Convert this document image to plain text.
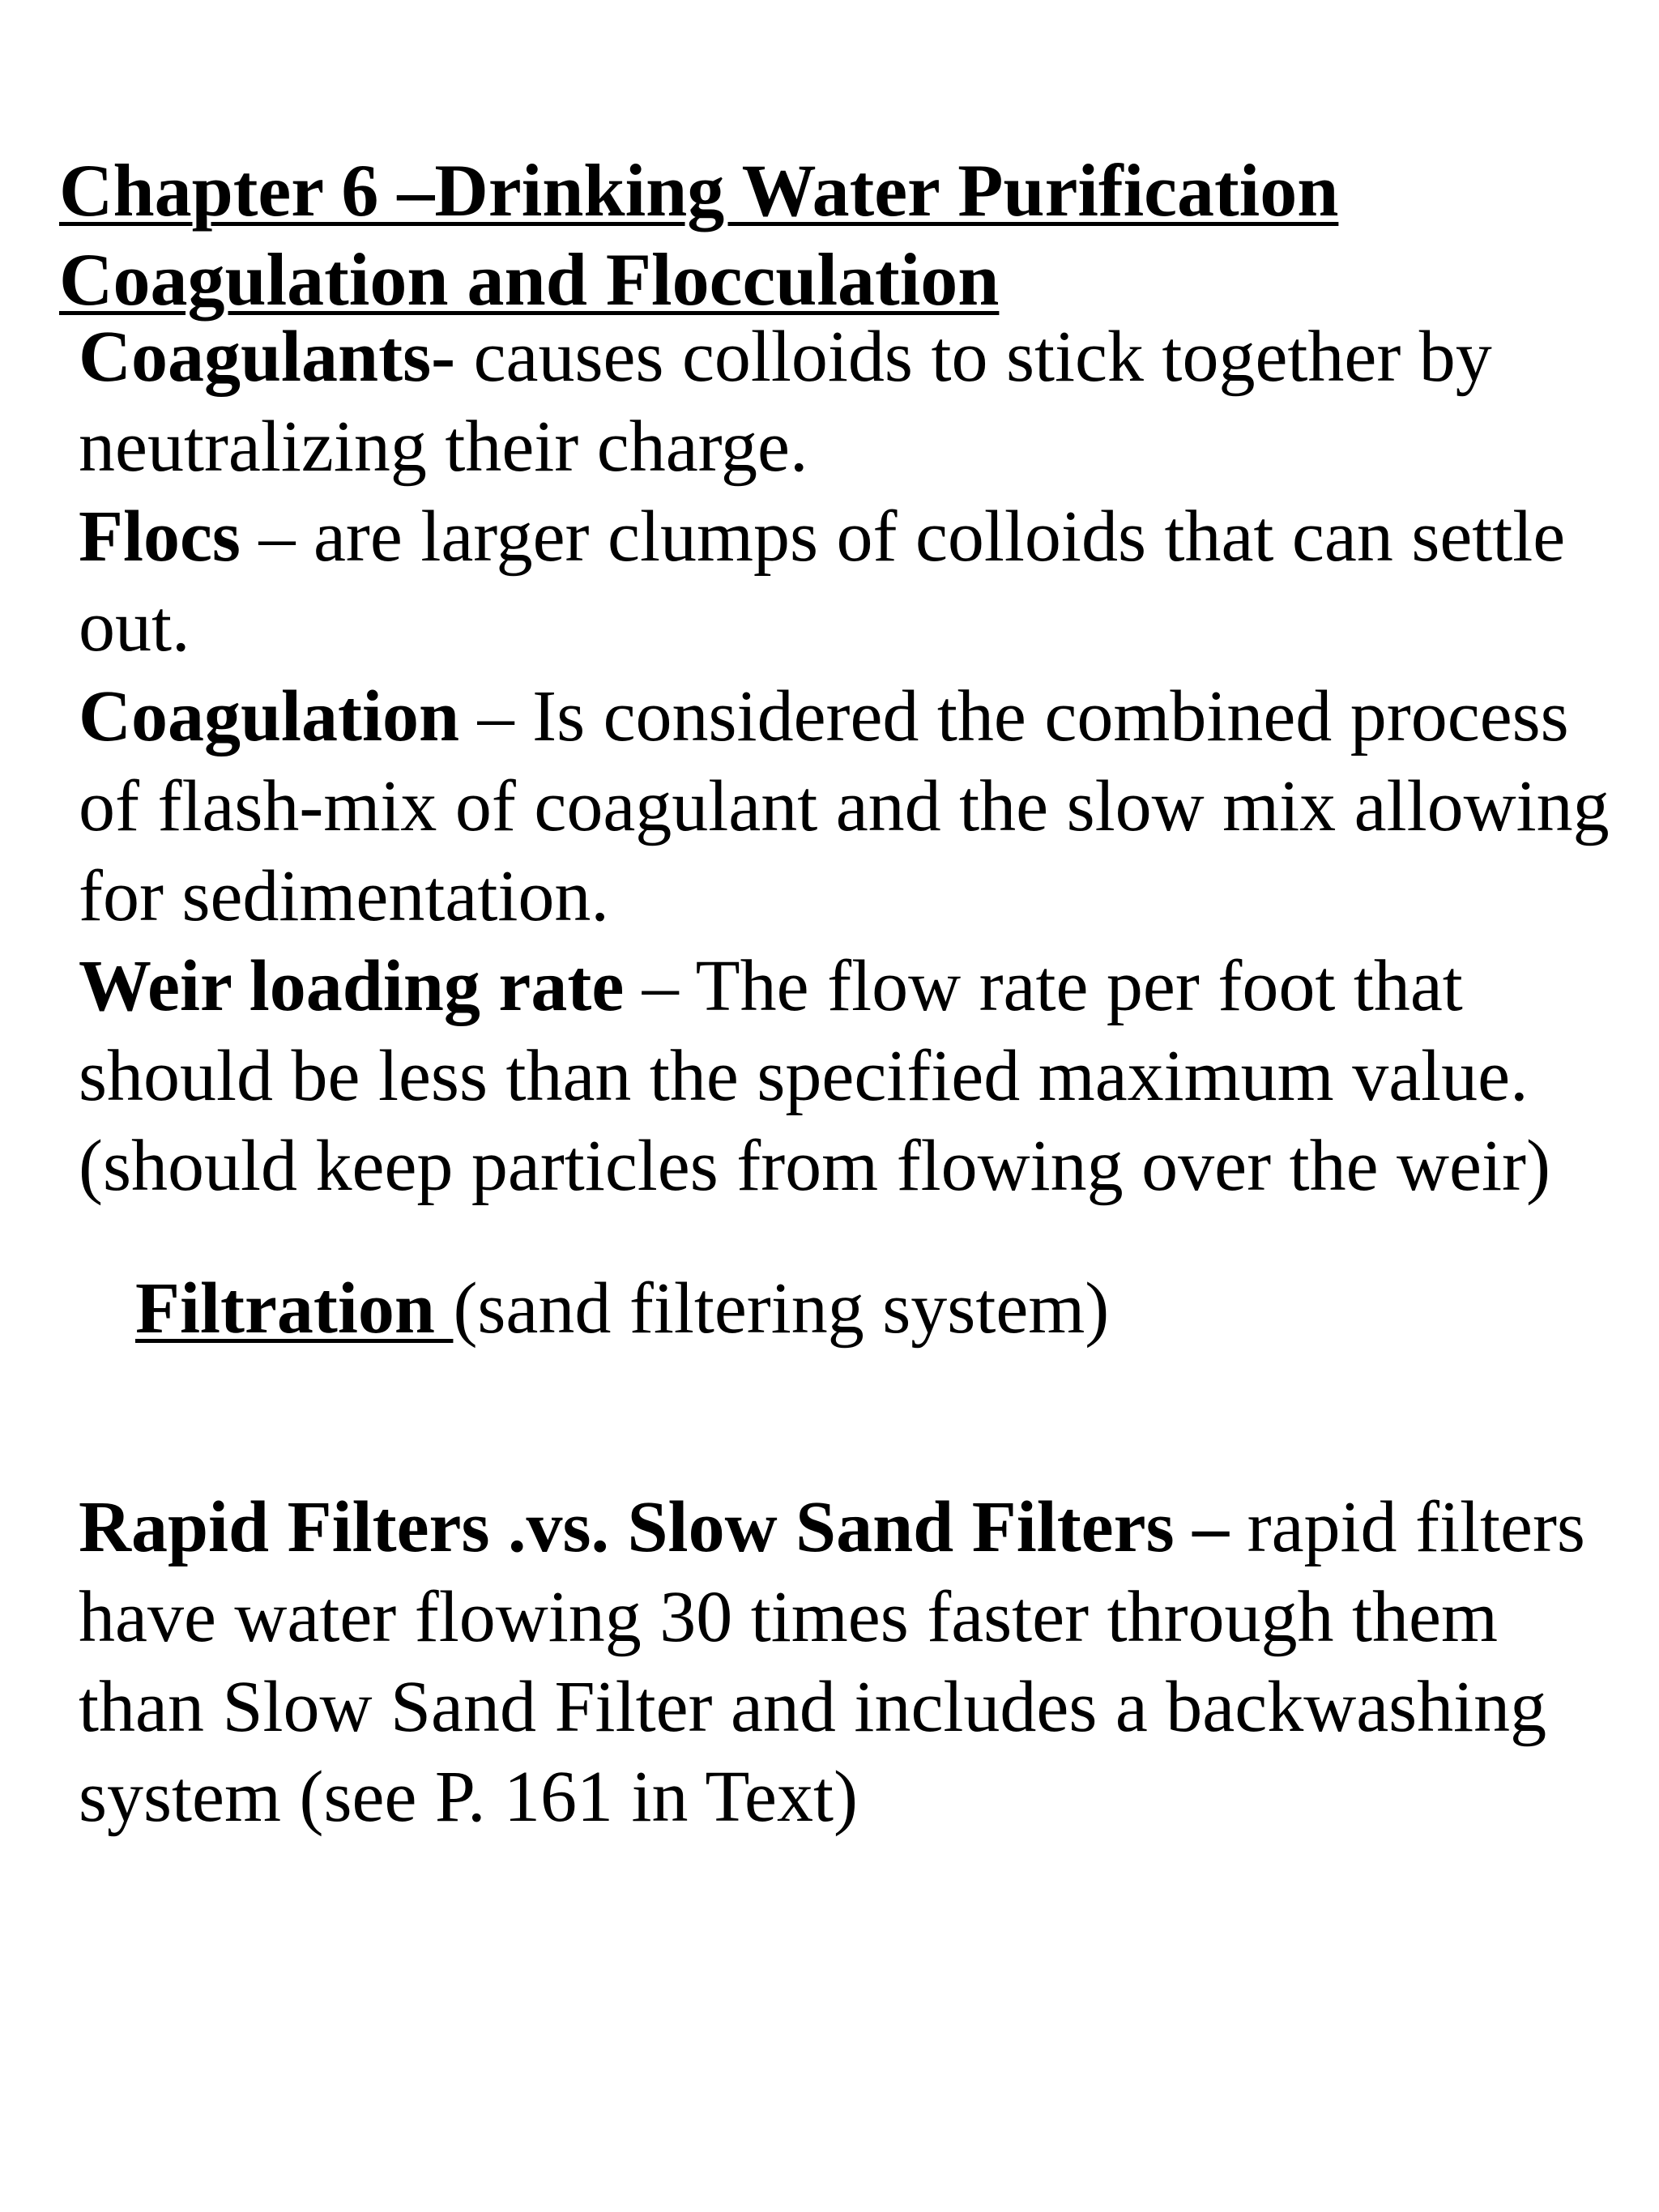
Chapter 6 –Drinking Water Purification
Coagulation and Flocculation

Coagulants- causes colloids to stick together by neutralizing their charge.

Flocs – are larger clumps of colloids that can settle out.

Coagulation – Is considered the combined process of flash-mix of coagulant and the slow mix allowing for sedimentation.

Weir loading rate – The flow rate per foot that should be less than the specified maximum value. (should keep particles from flowing over the weir)

Filtration (sand filtering system)

Rapid Filters .vs. Slow Sand Filters – rapid filters have water flowing 30 times faster through them than Slow Sand Filter and includes a backwashing system (see P. 161 in Text)
